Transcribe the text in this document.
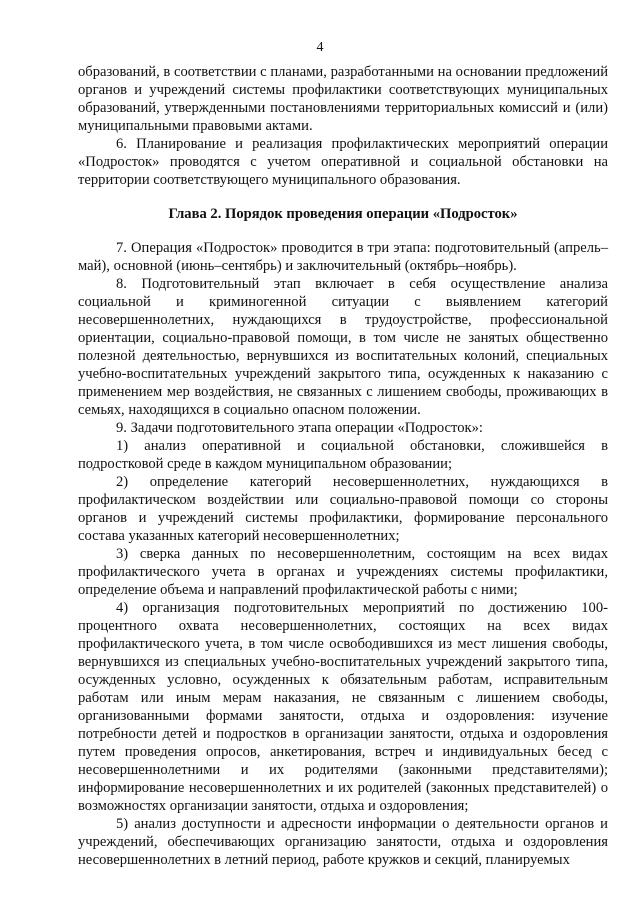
4

образований, в соответствии с планами, разработанными на основании предложений органов и учреждений системы профилактики соответствующих муниципальных образований, утвержденными постановлениями территориальных комиссий и (или) муниципальными правовыми актами.

6. Планирование и реализация профилактических мероприятий операции «Подросток» проводятся с учетом оперативной и социальной обстановки на территории соответствующего муниципального образования.

Глава 2. Порядок проведения операции «Подросток»

7. Операция «Подросток» проводится в три этапа: подготовительный (апрель–май), основной (июнь–сентябрь) и заключительный (октябрь–ноябрь).

8. Подготовительный этап включает в себя осуществление анализа социальной и криминогенной ситуации с выявлением категорий несовершеннолетних, нуждающихся в трудоустройстве, профессиональной ориентации, социально-правовой помощи, в том числе не занятых общественно полезной деятельностью, вернувшихся из воспитательных колоний, специальных учебно-воспитательных учреждений закрытого типа, осужденных к наказанию с применением мер воздействия, не связанных с лишением свободы, проживающих в семьях, находящихся в социально опасном положении.

9. Задачи подготовительного этапа операции «Подросток»:

1) анализ оперативной и социальной обстановки, сложившейся в подростковой среде в каждом муниципальном образовании;

2) определение категорий несовершеннолетних, нуждающихся в профилактическом воздействии или социально-правовой помощи со стороны органов и учреждений системы профилактики, формирование персонального состава указанных категорий несовершеннолетних;

3) сверка данных по несовершеннолетним, состоящим на всех видах профилактического учета в органах и учреждениях системы профилактики, определение объема и направлений профилактической работы с ними;

4) организация подготовительных мероприятий по достижению 100-процентного охвата несовершеннолетних, состоящих на всех видах профилактического учета, в том числе освободившихся из мест лишения свободы, вернувшихся из специальных учебно-воспитательных учреждений закрытого типа, осужденных условно, осужденных к обязательным работам, исправительным работам или иным мерам наказания, не связанным с лишением свободы, организованными формами занятости, отдыха и оздоровления: изучение потребности детей и подростков в организации занятости, отдыха и оздоровления путем проведения опросов, анкетирования, встреч и индивидуальных бесед с несовершеннолетними и их родителями (законными представителями); информирование несовершеннолетних и их родителей (законных представителей) о возможностях организации занятости, отдыха и оздоровления;

5) анализ доступности и адресности информации о деятельности органов и учреждений, обеспечивающих организацию занятости, отдыха и оздоровления несовершеннолетних в летний период, работе кружков и секций, планируемых
